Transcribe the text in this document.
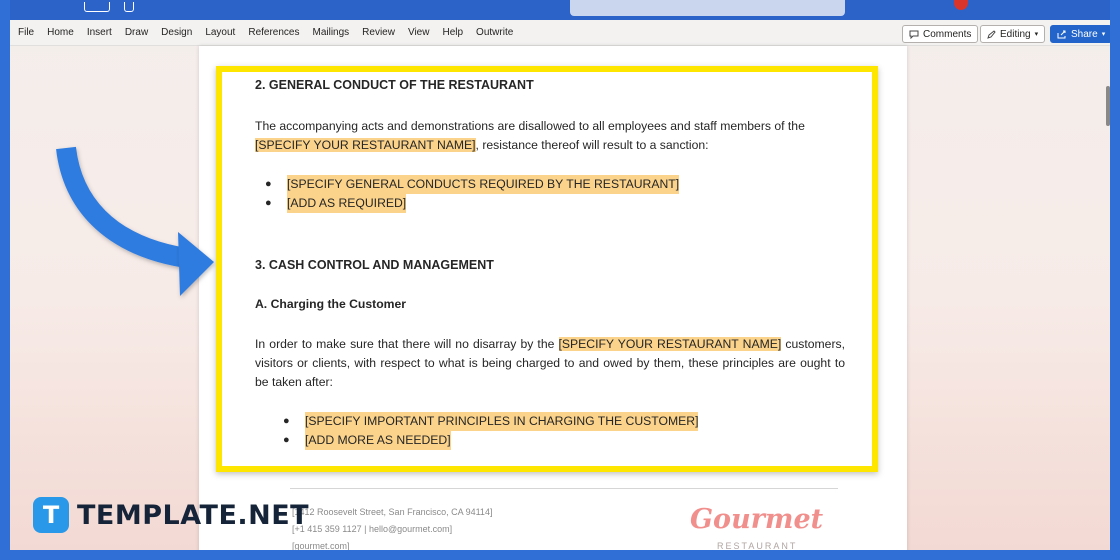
File Home Insert Draw Design Layout References Mailings Review View Help Outwrite	Comments	Editing ▾	Share ▾
[1412 Roosevelt Street, San Francisco, CA 94114]
[+1 415 359 1127 | hello@gourmet.com]
[gourmet.com]
Gourmet
RESTAURANT
2. GENERAL CONDUCT OF THE RESTAURANT
The accompanying acts and demonstrations are disallowed to all employees and staff members of the
[SPECIFY YOUR RESTAURANT NAME], resistance thereof will result to a sanction:
●	[SPECIFY GENERAL CONDUCTS REQUIRED BY THE RESTAURANT]
●	[ADD AS REQUIRED]
3. CASH CONTROL AND MANAGEMENT
A. Charging the Customer
In order to make sure that there will no disarray by the [SPECIFY YOUR RESTAURANT NAME] customers, visitors or clients, with respect to what is being charged to and owed by them, these principles are ought to be taken after:
●	[SPECIFY IMPORTANT PRINCIPLES IN CHARGING THE CUSTOMER]
●	[ADD MORE AS NEEDED]
T TEMPLATE.NET
